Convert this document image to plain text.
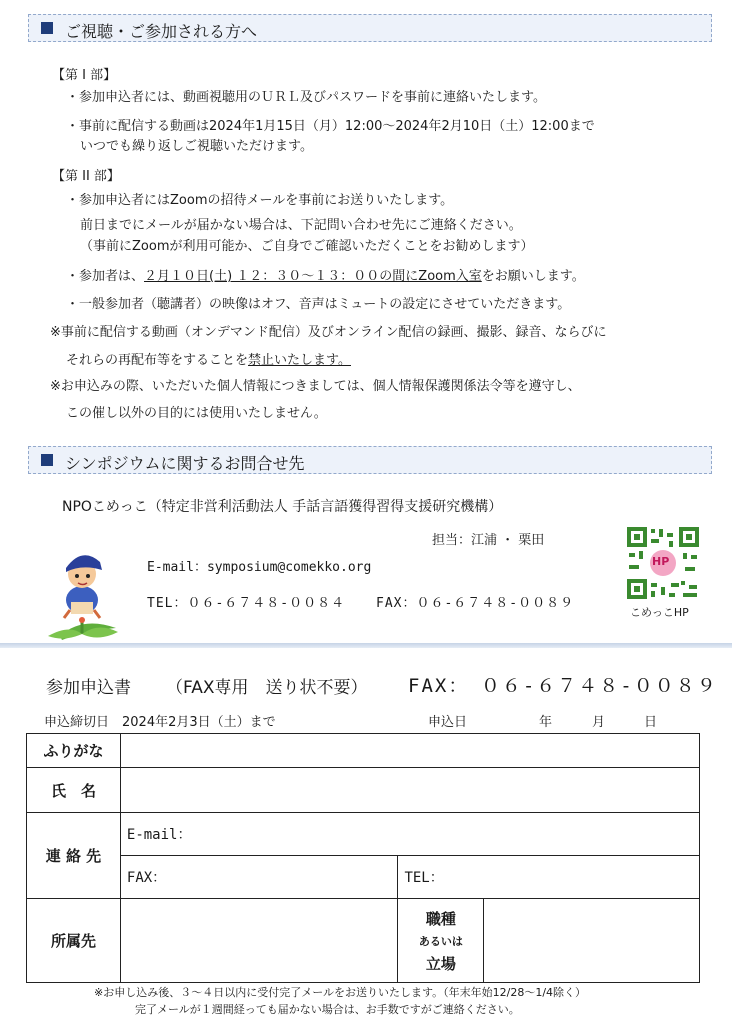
ご視聴・ご参加される方へ
【第 Ⅰ 部】
・参加申込者には、動画視聴用のＵＲＬ及びパスワードを事前に連絡いたします。
・事前に配信する動画は2024年1月15日（月）12:00～2024年2月10日（土）12:00まで
いつでも繰り返しご視聴いただけます。
【第 II 部】
・参加申込者にはZoomの招待メールを事前にお送りいたします。
前日までにメールが届かない場合は、下記問い合わせ先にご連絡ください。
（事前にZoomが利用可能か、ご自身でご確認いただくことをお勧めします）
・参加者は、２月１０日(土) １２：３０～１３：００の間にZoom入室をお願いします。
・一般参加者（聴講者）の映像はオフ、音声はミュートの設定にさせていただきます。
※事前に配信する動画（オンデマンド配信）及びオンライン配信の録画、撮影、録音、ならびに
それらの再配布等をすることを禁止いたします。
※お申込みの際、いただいた個人情報につきましては、個人情報保護関係法令等を遵守し、
この催し以外の目的には使用いたしません。
シンポジウムに関するお問合せ先
NPOこめっこ（特定非営利活動法人 手話言語獲得習得支援研究機構）
担当：江浦 ・ 栗田
E-mail：symposium@comekko.org
TEL：０６-６７４８-００８４ FAX：０６-６７４８-００８９
HP
こめっこHP
参加申込書 （FAX専用　送り状不要） FAX：　０６-６７４８-００８９
申込締切日　2024年2月3日（土）まで	申込日	年	月	日
ふりがな			
氏　名			
連 絡 先	E-mail：		
	FAX：	TEL：	
所属先		職種
あるいは
立場	

※お申し込み後、３～４日以内に受付完了メールをお送りいたします。（年末年始12/28～1/4除く）
完了メールが１週間経っても届かない場合は、お手数ですがご連絡ください。
